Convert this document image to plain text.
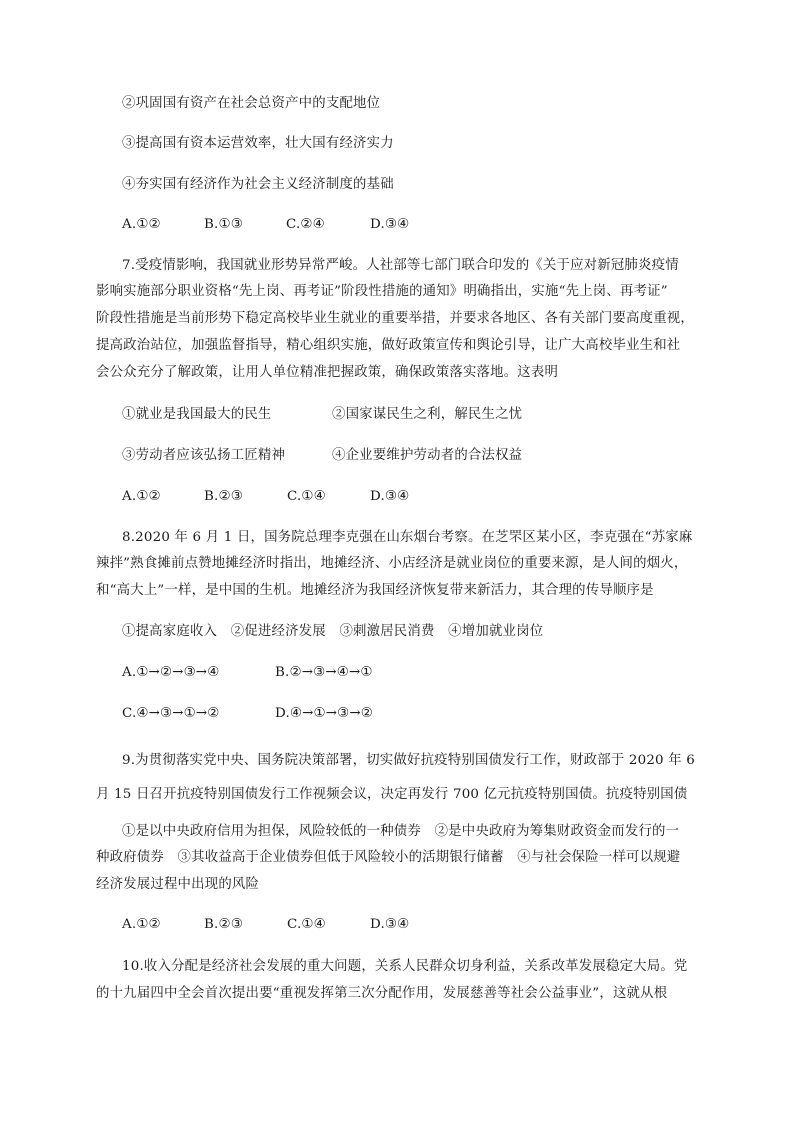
②巩固国有资产在社会总资产中的支配地位
③提高国有资本运营效率，壮大国有经济实力
④夯实国有经济作为社会主义经济制度的基础
A.①②	B.①③	C.②④	D.③④
7.受疫情影响，我国就业形势异常严峻。人社部等七部门联合印发的《关于应对新冠肺炎疫情
影响实施部分职业资格“先上岗、再考证”阶段性措施的通知》明确指出，实施“先上岗、再考证”
阶段性措施是当前形势下稳定高校毕业生就业的重要举措，并要求各地区、各有关部门要高度重视，
提高政治站位，加强监督指导，精心组织实施，做好政策宣传和舆论引导，让广大高校毕业生和社
会公众充分了解政策，让用人单位精准把握政策，确保政策落实落地。这表明
①就业是我国最大的民生	②国家谋民生之利，解民生之忧
③劳动者应该弘扬工匠精神	④企业要维护劳动者的合法权益
A.①②	B.②③	C.①④	D.③④
8.2020 年 6 月 1 日，国务院总理李克强在山东烟台考察。在芝罘区某小区，李克强在“苏家麻
辣拌”熟食摊前点赞地摊经济时指出，地摊经济、小店经济是就业岗位的重要来源，是人间的烟火，
和“高大上”一样，是中国的生机。地摊经济为我国经济恢复带来新活力，其合理的传导顺序是
①提高家庭收入　②促进经济发展　③刺激居民消费　④增加就业岗位
A.①→②→③→④	B.②→③→④→①
C.④→③→①→②	D.④→①→③→②
9.为贯彻落实党中央、国务院决策部署，切实做好抗疫特别国债发行工作，财政部于 2020 年 6
月 15 日召开抗疫特别国债发行工作视频会议，决定再发行 700 亿元抗疫特别国债。抗疫特别国债
①是以中央政府信用为担保，风险较低的一种债券　②是中央政府为筹集财政资金而发行的一
种政府债券　③其收益高于企业债券但低于风险较小的活期银行储蓄　④与社会保险一样可以规避
经济发展过程中出现的风险
A.①②	B.②③	C.①④	D.③④
10.收入分配是经济社会发展的重大问题，关系人民群众切身利益，关系改革发展稳定大局。党
的十九届四中全会首次提出要“重视发挥第三次分配作用，发展慈善等社会公益事业”，这就从根
